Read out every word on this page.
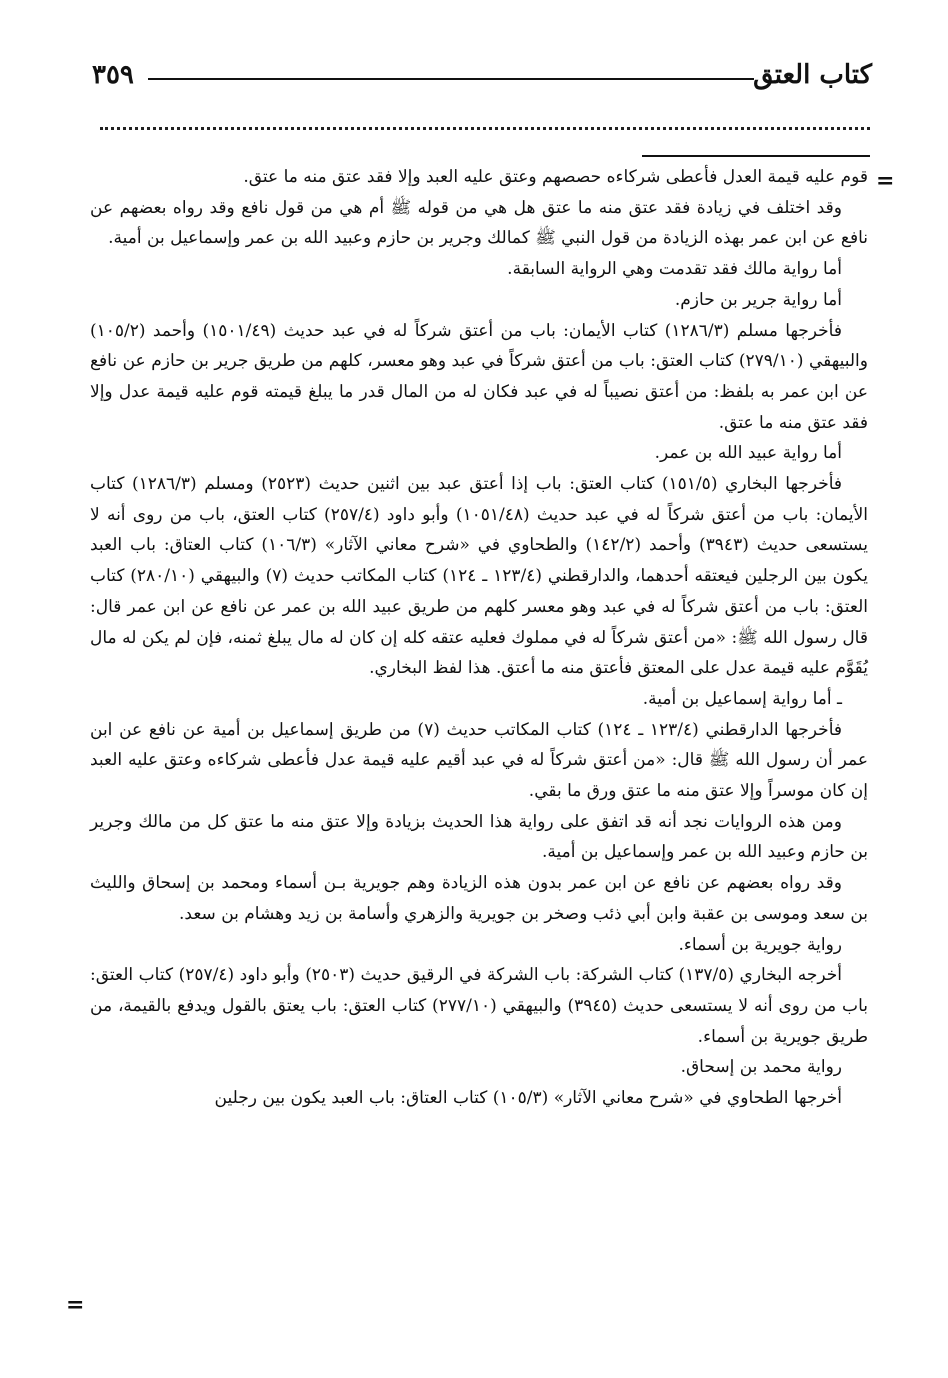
٣٥٩	كتاب العتق
=
=

قوم عليه قيمة العدل فأعطى شركاءه حصصهم وعتق عليه العبد وإلا فقد عتق منه ما عتق.

وقد اختلف في زيادة فقد عتق منه ما عتق هل هي من قوله ﷺ أم هي من قول نافع وقد رواه بعضهم عن نافع عن ابن عمر بهذه الزيادة من قول النبي ﷺ كمالك وجرير بن حازم وعبيد الله بن عمر وإسماعيل بن أمية.

أما رواية مالك فقد تقدمت وهي الرواية السابقة.

أما رواية جرير بن حازم.

فأخرجها مسلم (١٢٨٦/٣) كتاب الأيمان: باب من أعتق شركاً له في عبد حديث (١٥٠١/٤٩) وأحمد (١٠٥/٢) والبيهقي (٢٧٩/١٠) كتاب العتق: باب من أعتق شركاً في عبد وهو معسر، كلهم من طريق جرير بن حازم عن نافع عن ابن عمر به بلفظ: من أعتق نصيباً له في عبد فكان له من المال قدر ما يبلغ قيمته قوم عليه قيمة عدل وإلا فقد عتق منه ما عتق.

أما رواية عبيد الله بن عمر.

فأخرجها البخاري (١٥١/٥) كتاب العتق: باب إذا أعتق عبد بين اثنين حديث (٢٥٢٣) ومسلم (١٢٨٦/٣) كتاب الأيمان: باب من أعتق شركاً له في عبد حديث (١٠٥١/٤٨) وأبو داود (٢٥٧/٤) كتاب العتق، باب من روى أنه لا يستسعى حديث (٣٩٤٣) وأحمد (١٤٢/٢) والطحاوي في «شرح معاني الآثار» (١٠٦/٣) كتاب العتاق: باب العبد يكون بين الرجلين فيعتقه أحدهما، والدارقطني (١٢٣/٤ ـ ١٢٤) كتاب المكاتب حديث (٧) والبيهقي (٢٨٠/١٠) كتاب العتق: باب من أعتق شركاً له في عبد وهو معسر كلهم من طريق عبيد الله بن عمر عن نافع عن ابن عمر قال: قال رسول الله ﷺ: «من أعتق شركاً له في مملوك فعليه عتقه كله إن كان له مال يبلغ ثمنه، فإن لم يكن له مال يُقَوَّم عليه قيمة عدل على المعتق فأعتق منه ما أعتق. هذا لفظ البخاري.

ـ أما رواية إسماعيل بن أمية.

فأخرجها الدارقطني (١٢٣/٤ ـ ١٢٤) كتاب المكاتب حديث (٧) من طريق إسماعيل بن أمية عن نافع عن ابن عمر أن رسول الله ﷺ قال: «من أعتق شركاً له في عبد أقيم عليه قيمة عدل فأعطى شركاءه وعتق عليه العبد إن كان موسراً وإلا عتق منه ما عتق ورق ما بقي.

ومن هذه الروايات نجد أنه قد اتفق على رواية هذا الحديث بزيادة وإلا عتق منه ما عتق كل من مالك وجرير بن حازم وعبيد الله بن عمر وإسماعيل بن أمية.

وقد رواه بعضهم عن نافع عن ابن عمر بدون هذه الزيادة وهم جويرية بـن أسماء ومحمد بن إسحاق والليث بن سعد وموسى بن عقبة وابن أبي ذئب وصخر بن جويرية والزهري وأسامة بن زيد وهشام بن سعد.

رواية جويرية بن أسماء.

أخرجه البخاري (١٣٧/٥) كتاب الشركة: باب الشركة في الرقيق حديث (٢٥٠٣) وأبو داود (٢٥٧/٤) كتاب العتق: باب من روى أنه لا يستسعى حديث (٣٩٤٥) والبيهقي (٢٧٧/١٠) كتاب العتق: باب يعتق بالقول ويدفع بالقيمة، من طريق جويرية بن أسماء.

رواية محمد بن إسحاق.

أخرجها الطحاوي في «شرح معاني الآثار» (١٠٥/٣) كتاب العتاق: باب العبد يكون بين رجلين
